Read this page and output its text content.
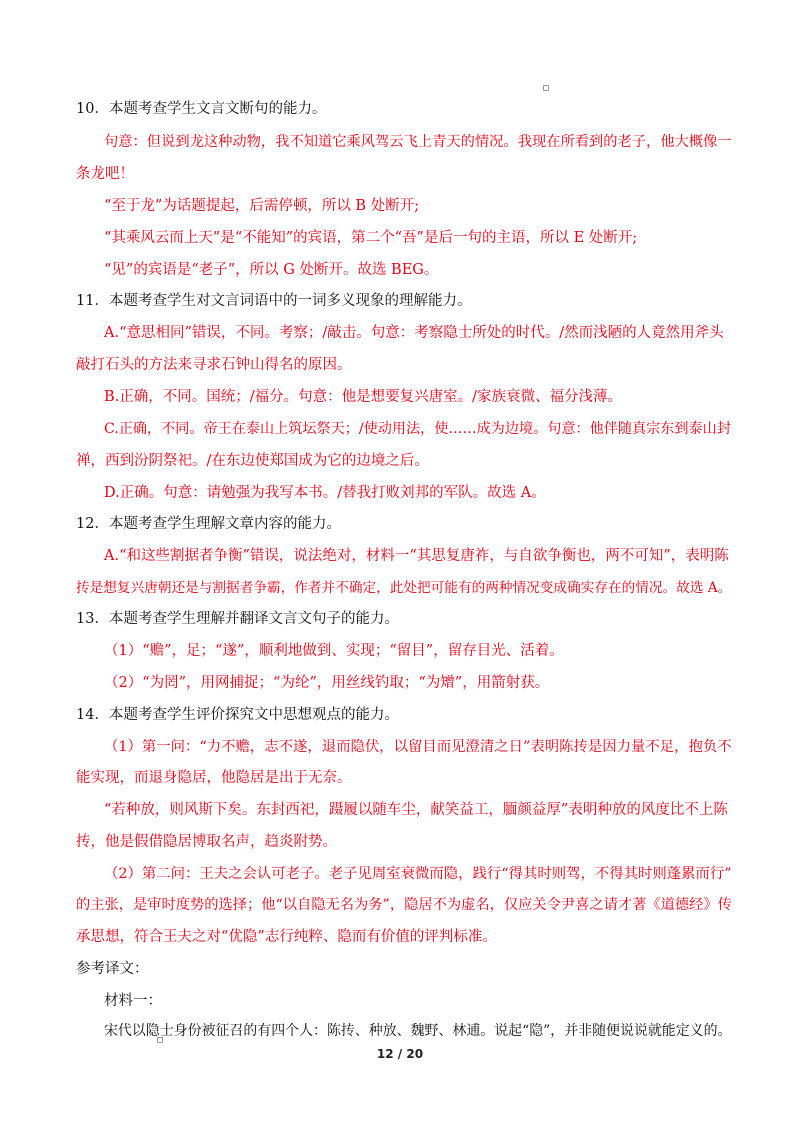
10．本题考查学生文言文断句的能力。
句意：但说到龙这种动物，我不知道它乘风驾云飞上青天的情况。我现在所看到的老子，他大概像一
条龙吧！
“至于龙”为话题提起，后需停顿，所以 B 处断开;
“其乘风云而上天”是“不能知”的宾语，第二个“吾”是后一句的主语，所以 E 处断开;
“见”的宾语是“老子”，所以 G 处断开。故选 BEG。
11．本题考查学生对文言词语中的一词多义现象的理解能力。
A.“意思相同”错误，不同。考察；/敲击。句意：考察隐士所处的时代。/然而浅陋的人竟然用斧头
敲打石头的方法来寻求石钟山得名的原因。
B.正确，不同。国统；/福分。句意：他是想要复兴唐室。/家族衰微、福分浅薄。
C.正确，不同。帝王在泰山上筑坛祭天；/使动用法，使……成为边境。句意：他伴随真宗东到泰山封
禅，西到汾阴祭祀。/在东边使郑国成为它的边境之后。
D.正确。句意：请勉强为我写本书。/替我打败刘邦的军队。故选 A。
12．本题考查学生理解文章内容的能力。
A.“和这些割据者争衡”错误，说法绝对，材料一“其思复唐祚，与自欲争衡也，两不可知”，表明陈
抟是想复兴唐朝还是与割据者争霸，作者并不确定，此处把可能有的两种情况变成确实存在的情况。故选 A。
13．本题考查学生理解并翻译文言文句子的能力。
（1）“赡”，足；“遂”，顺利地做到、实现；“留目”，留存目光、活着。
（2）“为罔”，用网捕捉；“为纶”，用丝线钓取；“为矰”，用箭射获。
14．本题考查学生评价探究文中思想观点的能力。
（1）第一问：“力不赡，志不遂，退而隐伏，以留目而见澄清之日”表明陈抟是因力量不足，抱负不
能实现，而退身隐居，他隐居是出于无奈。
“若种放，则风斯下矣。东封西祀，蹑履以随车尘，献笑益工，腼颜益厚”表明种放的风度比不上陈
抟，他是假借隐居博取名声，趋炎附势。
（2）第二问：王夫之会认可老子。老子见周室衰微而隐，践行“得其时则驾，不得其时则蓬累而行”
的主张，是审时度势的选择；他“以自隐无名为务”，隐居不为虚名，仅应关令尹喜之请才著《道德经》传
承思想，符合王夫之对“优隐”志行纯粹、隐而有价值的评判标准。
参考译文：
材料一：
宋代以隐士身份被征召的有四个人：陈抟、种放、魏野、林逋。说起“隐”，并非随便说说就能定义的。
12 / 20
